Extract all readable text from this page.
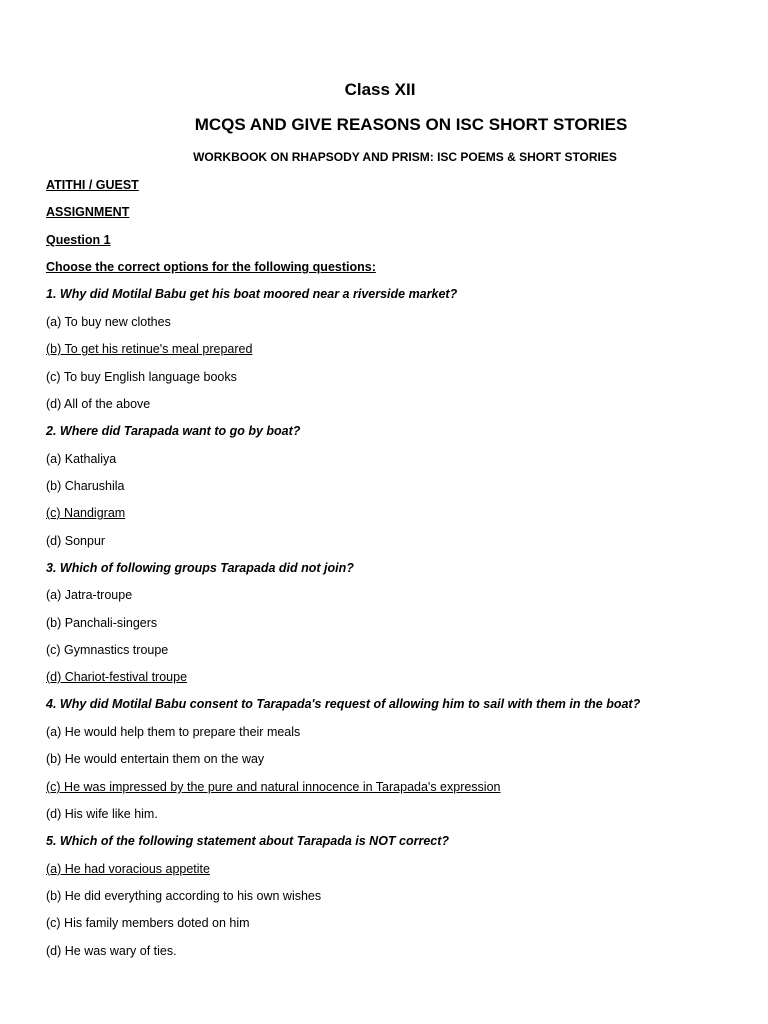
Class XII
MCQS AND GIVE REASONS ON ISC SHORT STORIES
WORKBOOK ON RHAPSODY AND PRISM: ISC POEMS & SHORT STORIES
ATITHI / GUEST
ASSIGNMENT
Question 1
Choose the correct options for the following questions:
1. Why did Motilal Babu get his boat moored near a riverside market?
(a) To buy new clothes
(b) To get his retinue's meal prepared
(c) To buy English language books
(d) All of the above
2. Where did Tarapada want to go by boat?
(a) Kathaliya
(b) Charushila
(c) Nandigram
(d) Sonpur
3. Which of following groups Tarapada did not join?
(a) Jatra-troupe
(b) Panchali-singers
(c) Gymnastics troupe
(d) Chariot-festival troupe
4. Why did Motilal Babu consent to Tarapada's request of allowing him to sail with them in the boat?
(a) He would help them to prepare their meals
(b) He would entertain them on the way
(c) He was impressed by the pure and natural innocence in Tarapada's expression
(d) His wife like him.
5. Which of the following statement about Tarapada is NOT correct?
(a) He had voracious appetite
(b) He did everything according to his own wishes
(c) His family members doted on him
(d) He was wary of ties.
